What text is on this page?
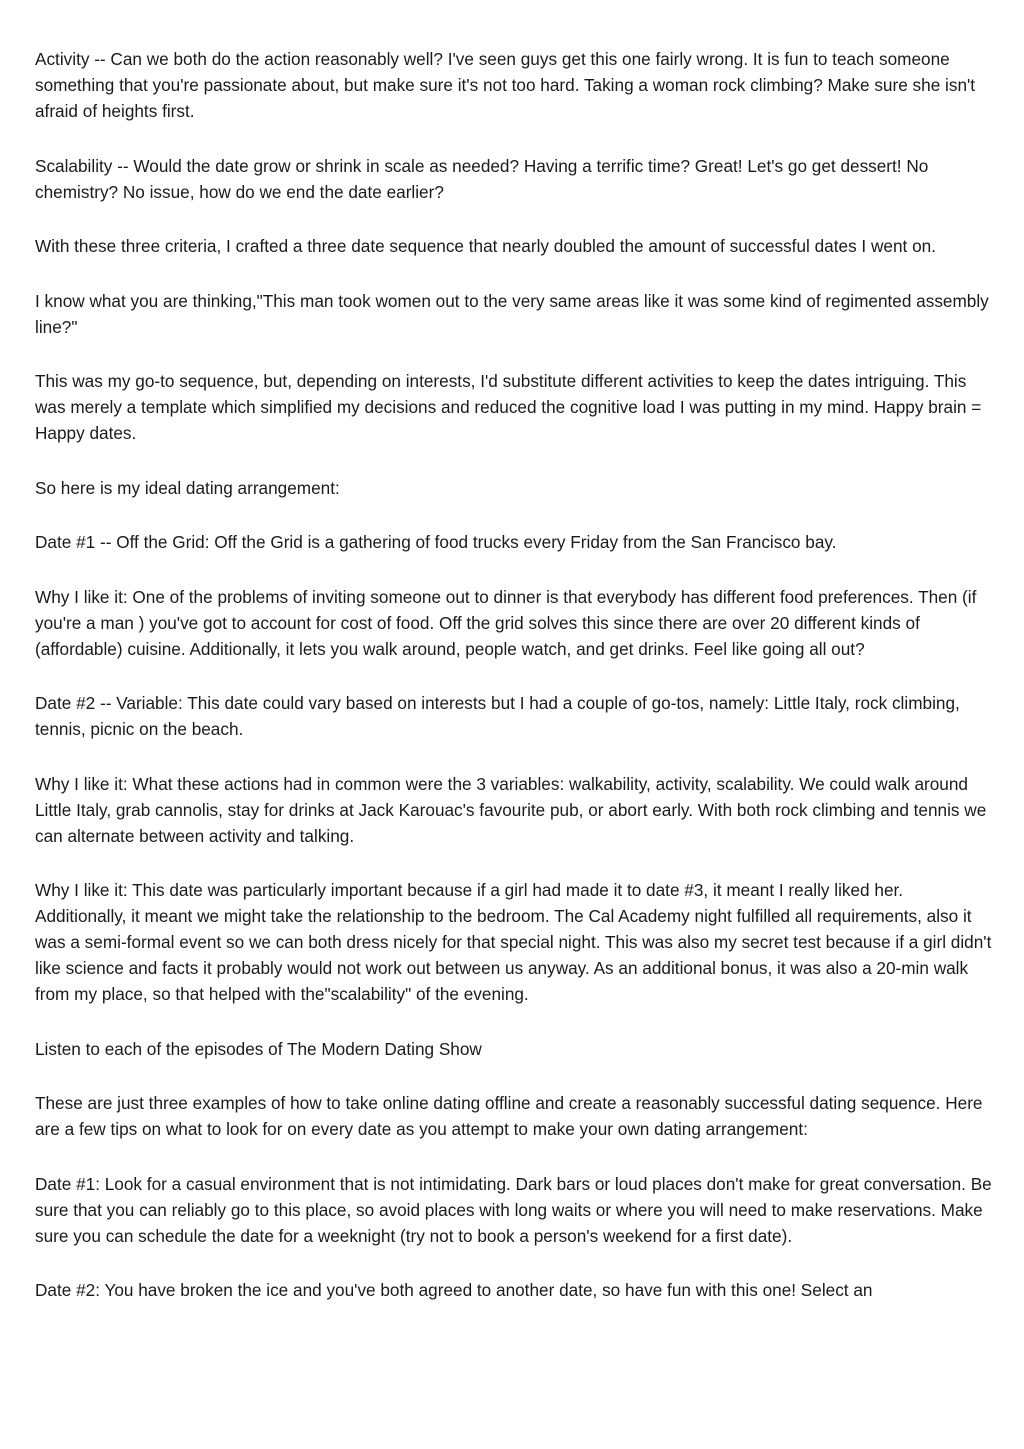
Activity -- Can we both do the action reasonably well? I've seen guys get this one fairly wrong. It is fun to teach someone something that you're passionate about, but make sure it's not too hard. Taking a woman rock climbing? Make sure she isn't afraid of heights first.

Scalability -- Would the date grow or shrink in scale as needed? Having a terrific time? Great! Let's go get dessert! No chemistry? No issue, how do we end the date earlier?

With these three criteria, I crafted a three date sequence that nearly doubled the amount of successful dates I went on.

I know what you are thinking,"This man took women out to the very same areas like it was some kind of regimented assembly line?"

This was my go-to sequence, but, depending on interests, I'd substitute different activities to keep the dates intriguing. This was merely a template which simplified my decisions and reduced the cognitive load I was putting in my mind. Happy brain = Happy dates.

So here is my ideal dating arrangement:

Date #1 -- Off the Grid: Off the Grid is a gathering of food trucks every Friday from the San Francisco bay.

Why I like it: One of the problems of inviting someone out to dinner is that everybody has different food preferences. Then (if you're a man ) you've got to account for cost of food. Off the grid solves this since there are over 20 different kinds of (affordable) cuisine. Additionally, it lets you walk around, people watch, and get drinks. Feel like going all out?

Date #2 -- Variable: This date could vary based on interests but I had a couple of go-tos, namely: Little Italy, rock climbing, tennis, picnic on the beach.

Why I like it: What these actions had in common were the 3 variables: walkability, activity, scalability. We could walk around Little Italy, grab cannolis, stay for drinks at Jack Karouac's favourite pub, or abort early. With both rock climbing and tennis we can alternate between activity and talking.

Why I like it: This date was particularly important because if a girl had made it to date #3, it meant I really liked her. Additionally, it meant we might take the relationship to the bedroom. The Cal Academy night fulfilled all requirements, also it was a semi-formal event so we can both dress nicely for that special night. This was also my secret test because if a girl didn't like science and facts it probably would not work out between us anyway. As an additional bonus, it was also a 20-min walk from my place, so that helped with the"scalability" of the evening.

Listen to each of the episodes of The Modern Dating Show

These are just three examples of how to take online dating offline and create a reasonably successful dating sequence. Here are a few tips on what to look for on every date as you attempt to make your own dating arrangement:

Date #1: Look for a casual environment that is not intimidating. Dark bars or loud places don't make for great conversation. Be sure that you can reliably go to this place, so avoid places with long waits or where you will need to make reservations. Make sure you can schedule the date for a weeknight (try not to book a person's weekend for a first date).

Date #2: You have broken the ice and you've both agreed to another date, so have fun with this one! Select an
